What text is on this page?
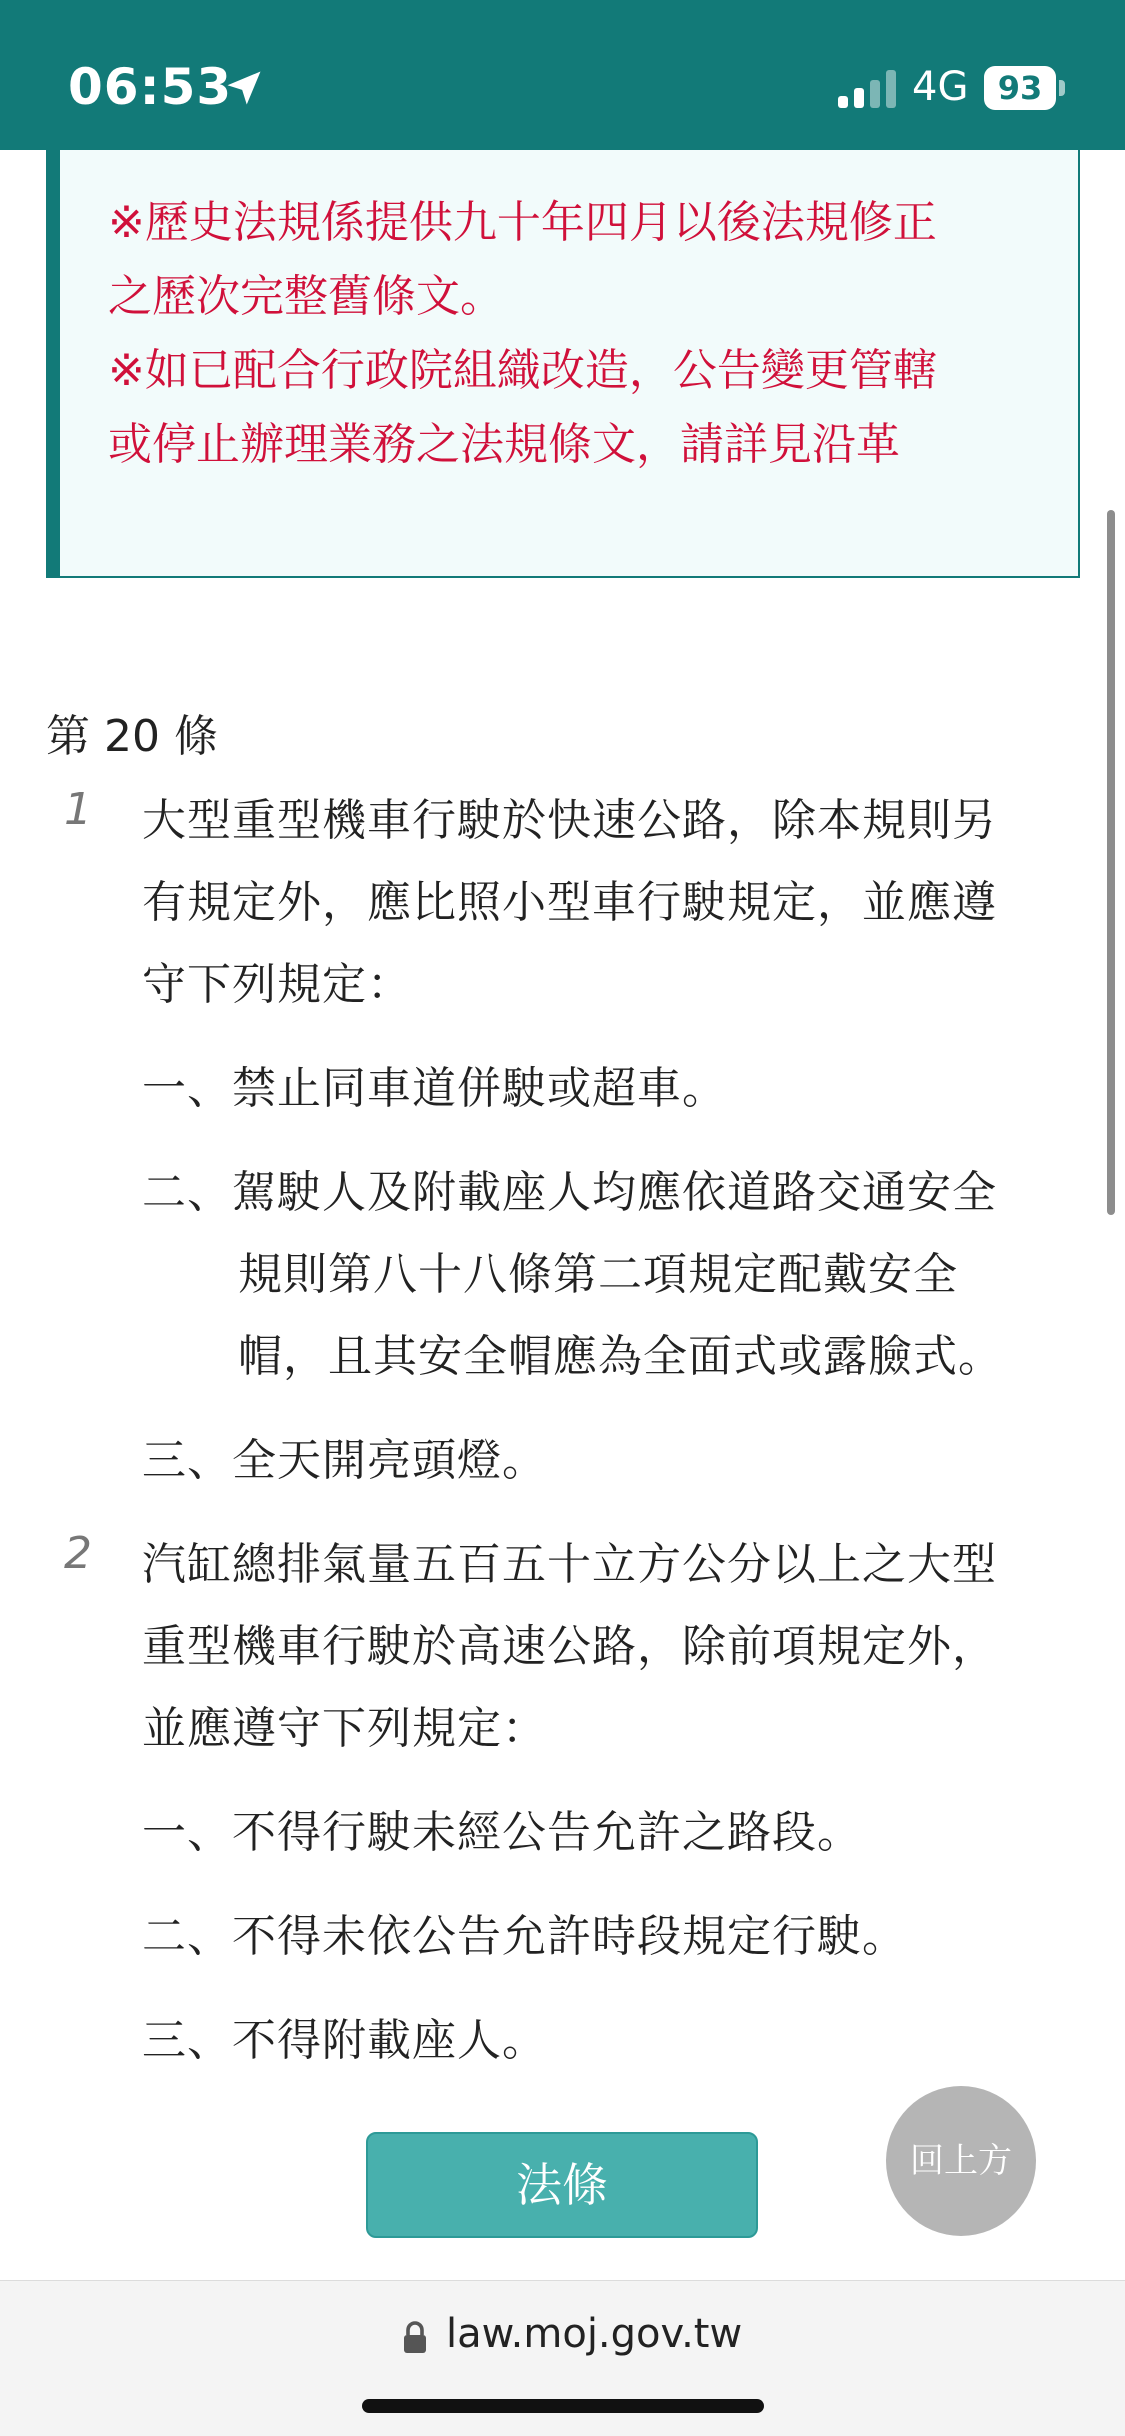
06:53	4G 93
※歷史法規係提供九十年四月以後法規修正
之歷次完整舊條文。
※如已配合行政院組織改造，公告變更管轄
或停止辦理業務之法規條文，請詳見沿革
第 20 條
1 大型重型機車行駛於快速公路，除本規則另
有規定外，應比照小型車行駛規定，並應遵
守下列規定：
一、禁止同車道併駛或超車。
二、駕駛人及附載座人均應依道路交通安全
規則第八十八條第二項規定配戴安全
帽，且其安全帽應為全面式或露臉式。
三、全天開亮頭燈。
2 汽缸總排氣量五百五十立方公分以上之大型
重型機車行駛於高速公路，除前項規定外，
並應遵守下列規定：
一、不得行駛未經公告允許之路段。
二、不得未依公告允許時段規定行駛。
三、不得附載座人。
法條	回上方
law.moj.gov.tw
